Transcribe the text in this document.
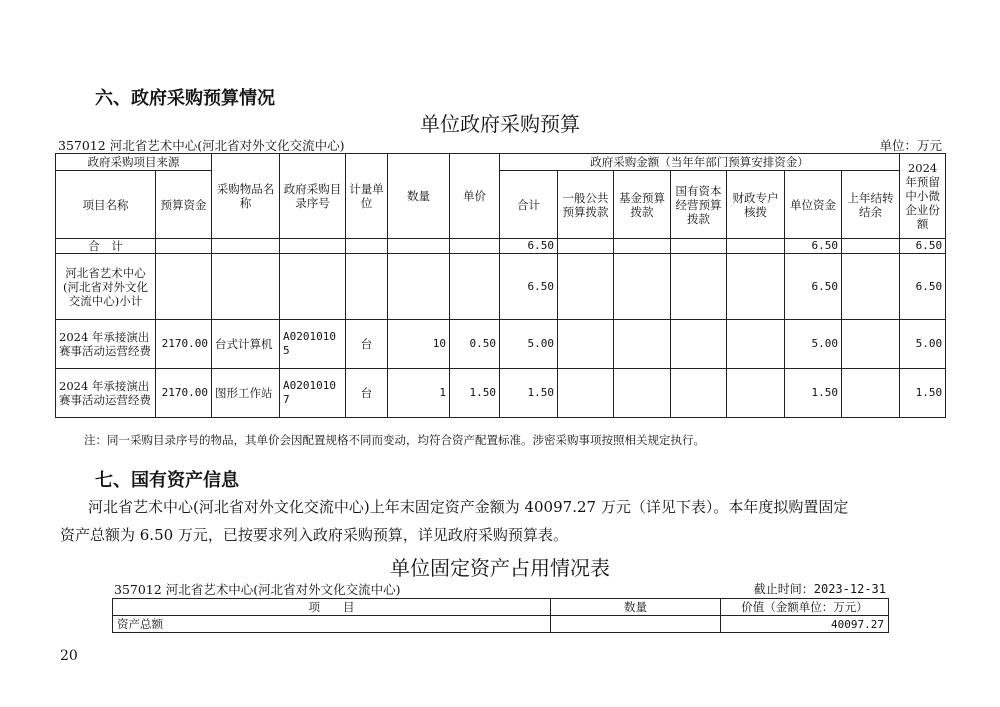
六、政府采购预算情况
单位政府采购预算
357012 河北省艺术中心(河北省对外文化交流中心)	单位：万元
政府采购项目来源		采购物品名称	政府采购目录序号	计量单位	数量	单价	政府采购金额（当年年部门预算安排资金）							2024 年预留中小微企业份额
项目名称	预算资金						合计	一般公共预算拨款	基金预算拨款	国有资本经营预算拨款	财政专户核拨	单位资金	上年结转结余	
合　计							6.50					6.50		6.50
河北省艺术中心(河北省对外文化交流中心)小计							6.50					6.50		6.50
2024 年承接演出赛事活动运营经费	2170.00	台式计算机	A02010105	台	10	0.50	5.00					5.00		5.00
2024 年承接演出赛事活动运营经费	2170.00	图形工作站	A02010107	台	1	1.50	1.50					1.50		1.50
注：同一采购目录序号的物品，其单价会因配置规格不同而变动，均符合资产配置标准。涉密采购事项按照相关规定执行。
七、国有资产信息
河北省艺术中心(河北省对外文化交流中心)上年末固定资产金额为 40097.27 万元（详见下表）。本年度拟购置固定
资产总额为 6.50 万元，已按要求列入政府采购预算，详见政府采购预算表。
单位固定资产占用情况表
357012 河北省艺术中心(河北省对外文化交流中心)	截止时间：2023-12-31
项　　目	数量	价值（金额单位：万元）
资产总额		40097.27
20
